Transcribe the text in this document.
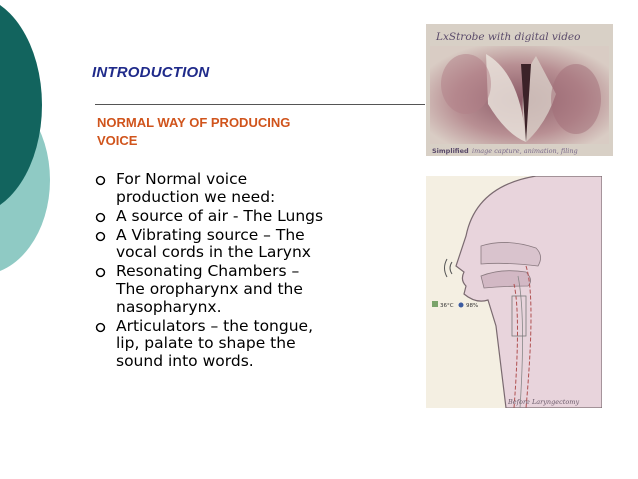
INTRODUCTION
NORMAL WAY OF PRODUCING VOICE
For Normal voice production we need:
A source of air - The Lungs
A Vibrating source – The vocal cords in the Larynx
Resonating Chambers – The oropharynx and the nasopharynx.
Articulators – the tongue, lip, palate to shape the sound into words.
LxStrobe with digital video
Simplified image capture, animation, filing
36°C 98%
Before Laryngectomy
